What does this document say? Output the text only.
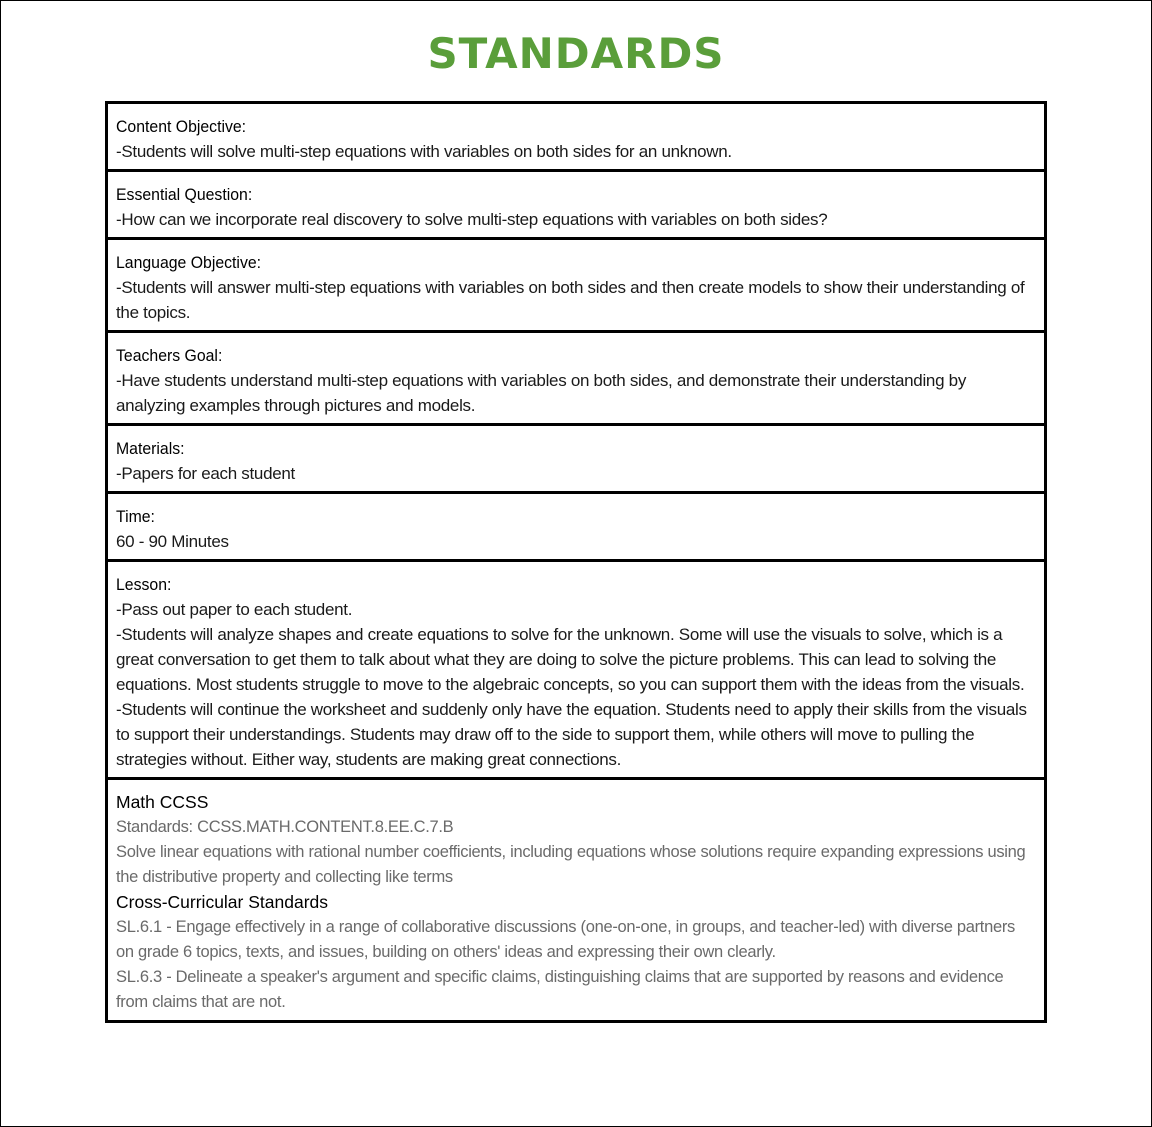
STANDARDS
Content Objective:
-Students will solve multi-step equations with variables on both sides for an unknown.
Essential Question:
-How can we incorporate real discovery to solve multi-step equations with variables on both sides?
Language Objective:
-Students will answer multi-step equations with variables on both sides and then create models to show their understanding of the topics.
Teachers Goal:
-Have students understand multi-step equations with variables on both sides, and demonstrate their understanding by analyzing examples through pictures and models.
Materials:
-Papers for each student
Time:
60 - 90 Minutes
Lesson:
-Pass out paper to each student.
-Students will analyze shapes and create equations to solve for the unknown. Some will use the visuals to solve, which is a great conversation to get them to talk about what they are doing to solve the picture problems. This can lead to solving the equations. Most students struggle to move to the algebraic concepts, so you can support them with the ideas from the visuals.
-Students will continue the worksheet and suddenly only have the equation. Students need to apply their skills from the visuals to support their understandings. Students may draw off to the side to support them, while others will move to pulling the strategies without. Either way, students are making great connections.
Math CCSS
Standards: CCSS.MATH.CONTENT.8.EE.C.7.B
Solve linear equations with rational number coefficients, including equations whose solutions require expanding expressions using the distributive property and collecting like terms
Cross-Curricular Standards
SL.6.1 - Engage effectively in a range of collaborative discussions (one-on-one, in groups, and teacher-led) with diverse partners on grade 6 topics, texts, and issues, building on others' ideas and expressing their own clearly.
SL.6.3 - Delineate a speaker's argument and specific claims, distinguishing claims that are supported by reasons and evidence from claims that are not.
